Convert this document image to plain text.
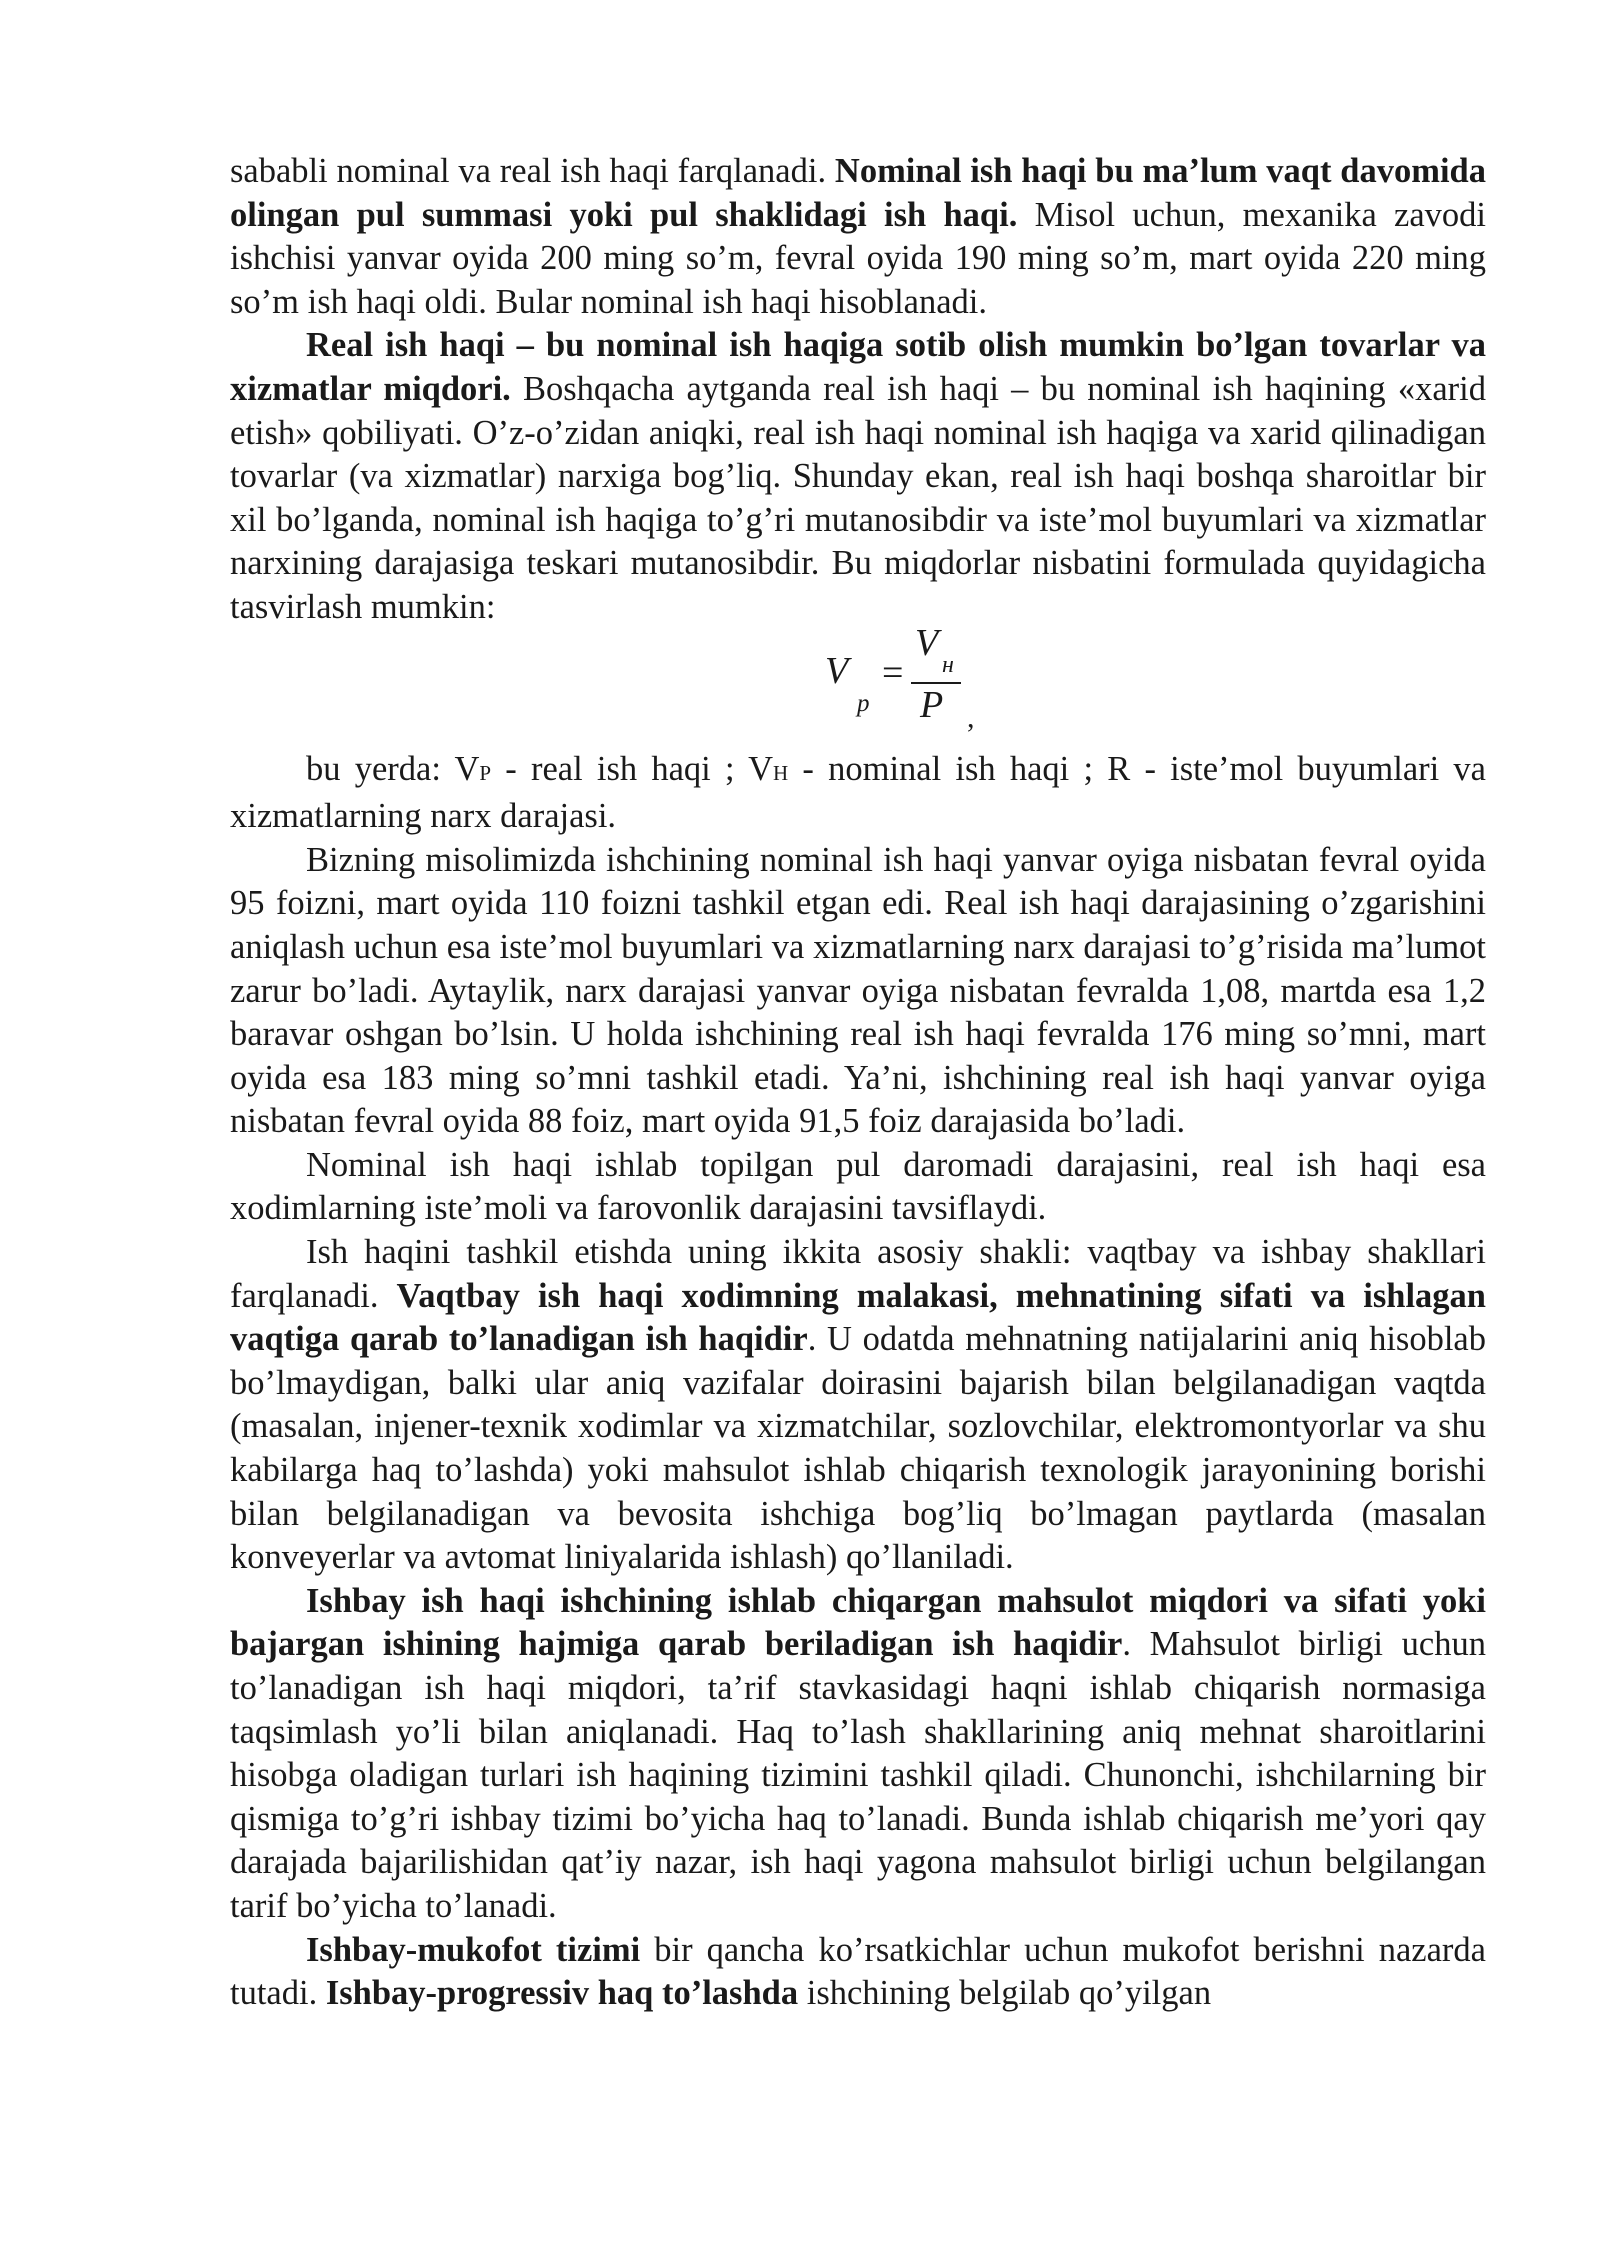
sababli nominal va real ish haqi farqlanadi. Nominal ish haqi bu ma’lum vaqt davomida olingan pul summasi yoki pul shaklidagi ish haqi. Misol uchun, mexanika zavodi ishchisi yanvar oyida 200 ming so’m, fevral oyida 190 ming so’m, mart oyida 220 ming so’m ish haqi oldi. Bular nominal ish haqi hisoblanadi.

Real ish haqi – bu nominal ish haqiga sotib olish mumkin bo’lgan tovarlar va xizmatlar miqdori. Boshqacha aytganda real ish haqi – bu nominal ish haqining «xarid etish» qobiliyati. O’z-o’zidan aniqki, real ish haqi nominal ish haqiga va xarid qilinadigan tovarlar (va xizmatlar) narxiga bog’liq. Shunday ekan, real ish haqi boshqa sharoitlar bir xil bo’lganda, nominal ish haqiga to’g’ri mutanosibdir va iste’mol buyumlari va xizmatlar narxining darajasiga teskari mutanosibdir. Bu miqdorlar nisbatini formulada quyidagicha tasvirlash mumkin:

V
p
=
V
н
P ,

bu yerda: VP - real ish haqi ; VH - nominal ish haqi ; R - iste’mol buyumlari va xizmatlarning narx darajasi.

Bizning misolimizda ishchining nominal ish haqi yanvar oyiga nisbatan fevral oyida 95 foizni, mart oyida 110 foizni tashkil etgan edi. Real ish haqi darajasining o’zgarishini aniqlash uchun esa iste’mol buyumlari va xizmatlarning narx darajasi to’g’risida ma’lumot zarur bo’ladi. Aytaylik, narx darajasi yanvar oyiga nisbatan fevralda 1,08, martda esa 1,2 baravar oshgan bo’lsin. U holda ishchining real ish haqi fevralda 176 ming so’mni, mart oyida esa 183 ming so’mni tashkil etadi. Ya’ni, ishchining real ish haqi yanvar oyiga nisbatan fevral oyida 88 foiz, mart oyida 91,5 foiz darajasida bo’ladi.

Nominal ish haqi ishlab topilgan pul daromadi darajasini, real ish haqi esa xodimlarning iste’moli va farovonlik darajasini tavsiflaydi.

Ish haqini tashkil etishda uning ikkita asosiy shakli: vaqtbay va ishbay shakllari farqlanadi. Vaqtbay ish haqi xodimning malakasi, mehnatining sifati va ishlagan vaqtiga qarab to’lanadigan ish haqidir. U odatda mehnatning natijalarini aniq hisoblab bo’lmaydigan, balki ular aniq vazifalar doirasini bajarish bilan belgilanadigan vaqtda (masalan, injener-texnik xodimlar va xizmatchilar, sozlovchilar, elektromontyorlar va shu kabilarga haq to’lashda) yoki mahsulot ishlab chiqarish texnologik jarayonining borishi bilan belgilanadigan va bevosita ishchiga bog’liq bo’lmagan paytlarda (masalan konveyerlar va avtomat liniyalarida ishlash) qo’llaniladi.

Ishbay ish haqi ishchining ishlab chiqargan mahsulot miqdori va sifati yoki bajargan ishining hajmiga qarab beriladigan ish haqidir. Mahsulot birligi uchun to’lanadigan ish haqi miqdori, ta’rif stavkasidagi haqni ishlab chiqarish normasiga taqsimlash yo’li bilan aniqlanadi. Haq to’lash shakllarining aniq mehnat sharoitlarini hisobga oladigan turlari ish haqining tizimini tashkil qiladi. Chunonchi, ishchilarning bir qismiga to’g’ri ishbay tizimi bo’yicha haq to’lanadi. Bunda ishlab chiqarish me’yori qay darajada bajarilishidan qat’iy nazar, ish haqi yagona mahsulot birligi uchun belgilangan tarif bo’yicha to’lanadi.

Ishbay-mukofot tizimi bir qancha ko’rsatkichlar uchun mukofot berishni nazarda tutadi. Ishbay-progressiv haq to’lashda ishchining belgilab qo’yilgan
